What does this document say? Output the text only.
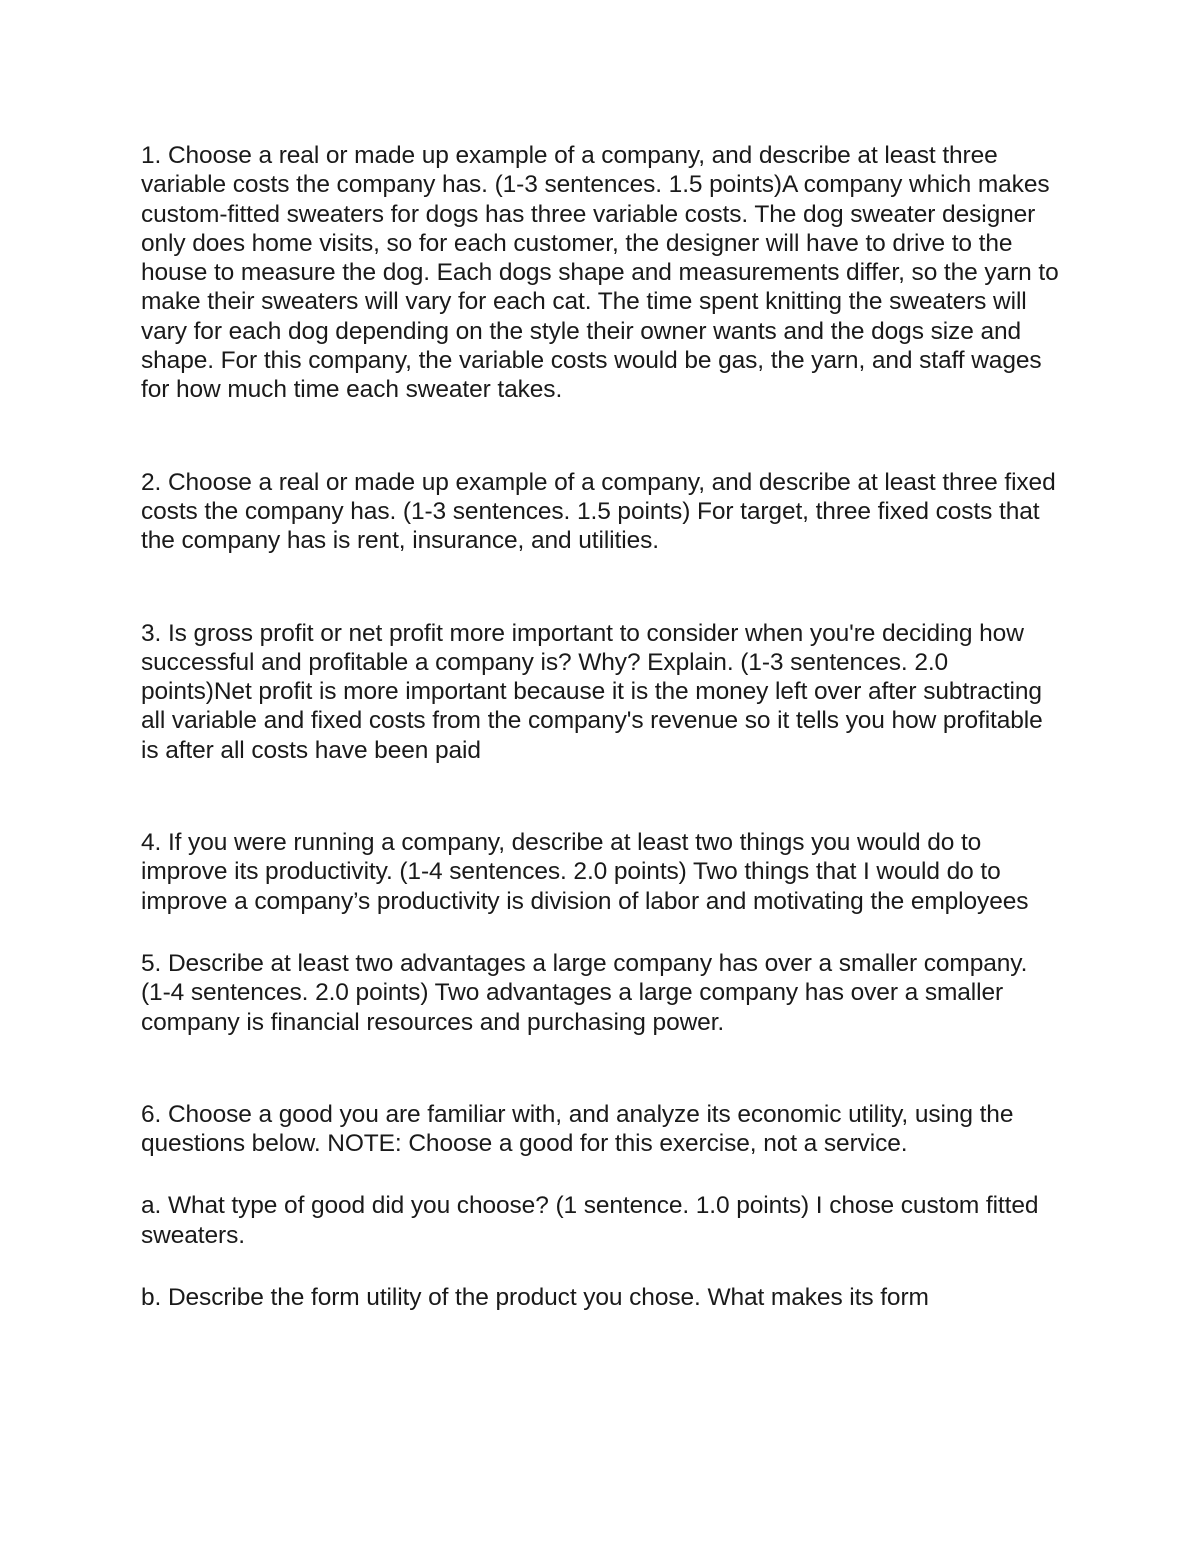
1. Choose a real or made up example of a company, and describe at least three variable costs the company has. (1-3 sentences. 1.5 points)A company which makes custom-fitted sweaters for dogs has three variable costs. The dog sweater designer only does home visits, so for each customer, the designer will have to drive to the house to measure the dog. Each dogs shape and measurements differ, so the yarn to make their sweaters will vary for each cat. The time spent knitting the sweaters will vary for each dog depending on the style their owner wants and the dogs size and shape. For this company, the variable costs would be gas, the yarn, and staff wages for how much time each sweater takes.

2. Choose a real or made up example of a company, and describe at least three fixed costs the company has. (1-3 sentences. 1.5 points) For target, three fixed costs that the company has is rent, insurance, and utilities.

3. Is gross profit or net profit more important to consider when you're deciding how successful and profitable a company is? Why? Explain. (1-3 sentences. 2.0 points)Net profit is more important because it is the money left over after subtracting all variable and fixed costs from the company's revenue so it tells you how profitable is after all costs have been paid

4. If you were running a company, describe at least two things you would do to improve its productivity. (1-4 sentences. 2.0 points) Two things that I would do to improve a company’s productivity is division of labor and motivating the employees

5. Describe at least two advantages a large company has over a smaller company. (1-4 sentences. 2.0 points) Two advantages a large company has over a smaller company is financial resources and purchasing power.

6. Choose a good you are familiar with, and analyze its economic utility, using the questions below. NOTE: Choose a good for this exercise, not a service.

a. What type of good did you choose? (1 sentence. 1.0 points) I chose custom fitted sweaters.

b. Describe the form utility of the product you chose. What makes its form
